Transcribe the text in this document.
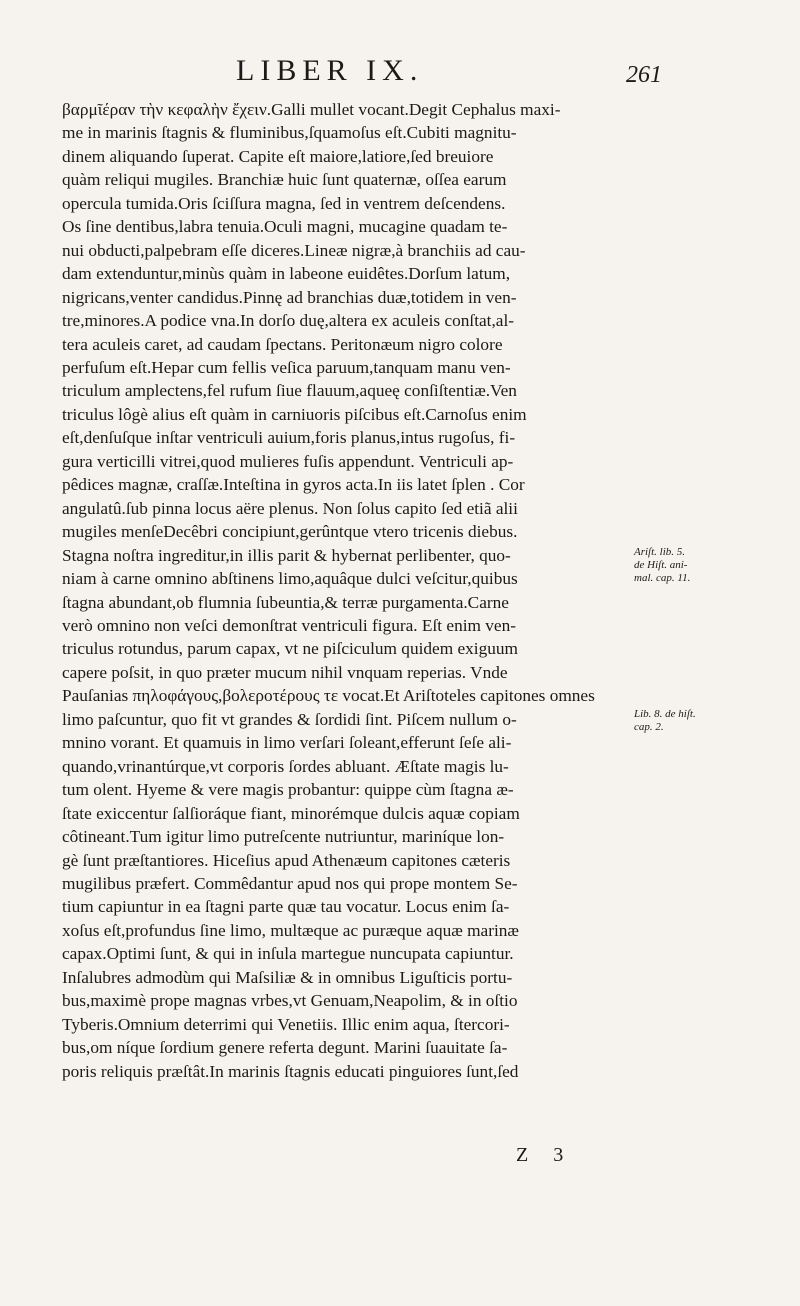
LIBER IX.	261
βαρμῖέραν τὴν κεφαλὴν ἔχειν.Galli mullet vocant.Degit Cephalus maxi-
me in marinis ſtagnis & fluminibus,ſquamoſus eſt.Cubiti magnitu-
dinem aliquando ſuperat. Capite eſt maiore,latiore,ſed breuiore
quàm reliqui mugiles. Branchiæ huic ſunt quaternæ, oſſea earum
opercula tumida.Oris ſciſſura magna, ſed in ventrem deſcendens.
Os ſine dentibus,labra tenuia.Oculi magni, mucagine quadam te-
nui obducti,palpebram eſſe diceres.Lineæ nigræ,à branchiis ad cau-
dam extenduntur,minùs quàm in labeone euidêtes.Dorſum latum,
nigricans,venter candidus.Pinnę ad branchias duæ,totidem in ven-
tre,minores.A podice vna.In dorſo duę,altera ex aculeis conſtat,al-
tera aculeis caret, ad caudam ſpectans. Peritonæum nigro colore
perfuſum eſt.Hepar cum fellis veſica paruum,tanquam manu ven-
triculum amplectens,fel rufum ſiue flauum,aqueę conſiſtentiæ.Ven
triculus lôgè alius eſt quàm in carniuoris piſcibus eſt.Carnoſus enim
eſt,denſuſque inſtar ventriculi auium,foris planus,intus rugoſus, fi-
gura verticilli vitrei,quod mulieres fuſis appendunt. Ventriculi ap-
pêdices magnæ, craſſæ.Inteſtina in gyros acta.In iis latet ſplen . Cor
angulatû.ſub pinna locus aëre plenus. Non ſolus capito ſed etiã alii
mugiles menſeDecêbri concipiunt,gerûntque vtero tricenis diebus.
Stagna noſtra ingreditur,in illis parit & hybernat perlibenter, quo-
niam à carne omnino abſtinens limo,aquâque dulci veſcitur,quibus
ſtagna abundant,ob flumnia ſubeuntia,& terræ purgamenta.Carne
verò omnino non veſci demonſtrat ventriculi figura. Eſt enim ven-
triculus rotundus, parum capax, vt ne piſciculum quidem exiguum
capere poſsit, in quo præter mucum nihil vnquam reperias. Vnde
Pauſanias πηλοφάγους,βολεροτέρους τε vocat.Et Ariſtoteles capitones omnes
limo paſcuntur, quo fit vt grandes & ſordidi ſint. Piſcem nullum o-
mnino vorant. Et quamuis in limo verſari ſoleant,efferunt ſeſe ali-
quando,vrinantúrque,vt corporis ſordes abluant. Æſtate magis lu-
tum olent. Hyeme & vere magis probantur: quippe cùm ſtagna æ-
ſtate exiccentur ſalſioráque fiant, minorémque dulcis aquæ copiam
côtineant.Tum igitur limo putreſcente nutriuntur, mariníque lon-
gè ſunt præſtantiores. Hiceſius apud Athenæum capitones cæteris
mugilibus præfert. Commêdantur apud nos qui prope montem Se-
tium capiuntur in ea ſtagni parte quæ tau vocatur. Locus enim ſa-
xoſus eſt,profundus ſine limo, multæque ac puræque aquæ marinæ
capax.Optimi ſunt, & qui in inſula martegue nuncupata capiuntur.
Inſalubres admodùm qui Maſsiliæ & in omnibus Liguſticis portu-
bus,maximè prope magnas vrbes,vt Genuam,Neapolim, & in oſtio
Tyberis.Omnium deterrimi qui Venetiis. Illic enim aqua, ſtercori-
bus,om níque ſordium genere referta degunt. Marini ſuauitate ſa-
poris reliquis præſtât.In marinis ſtagnis educati pinguiores ſunt,ſed
Ariſt. lib. 5.
de Hiſt. ani-
mal. cap. 11.
Lib. 8. de hiſt.
cap. 2.
Z 3
